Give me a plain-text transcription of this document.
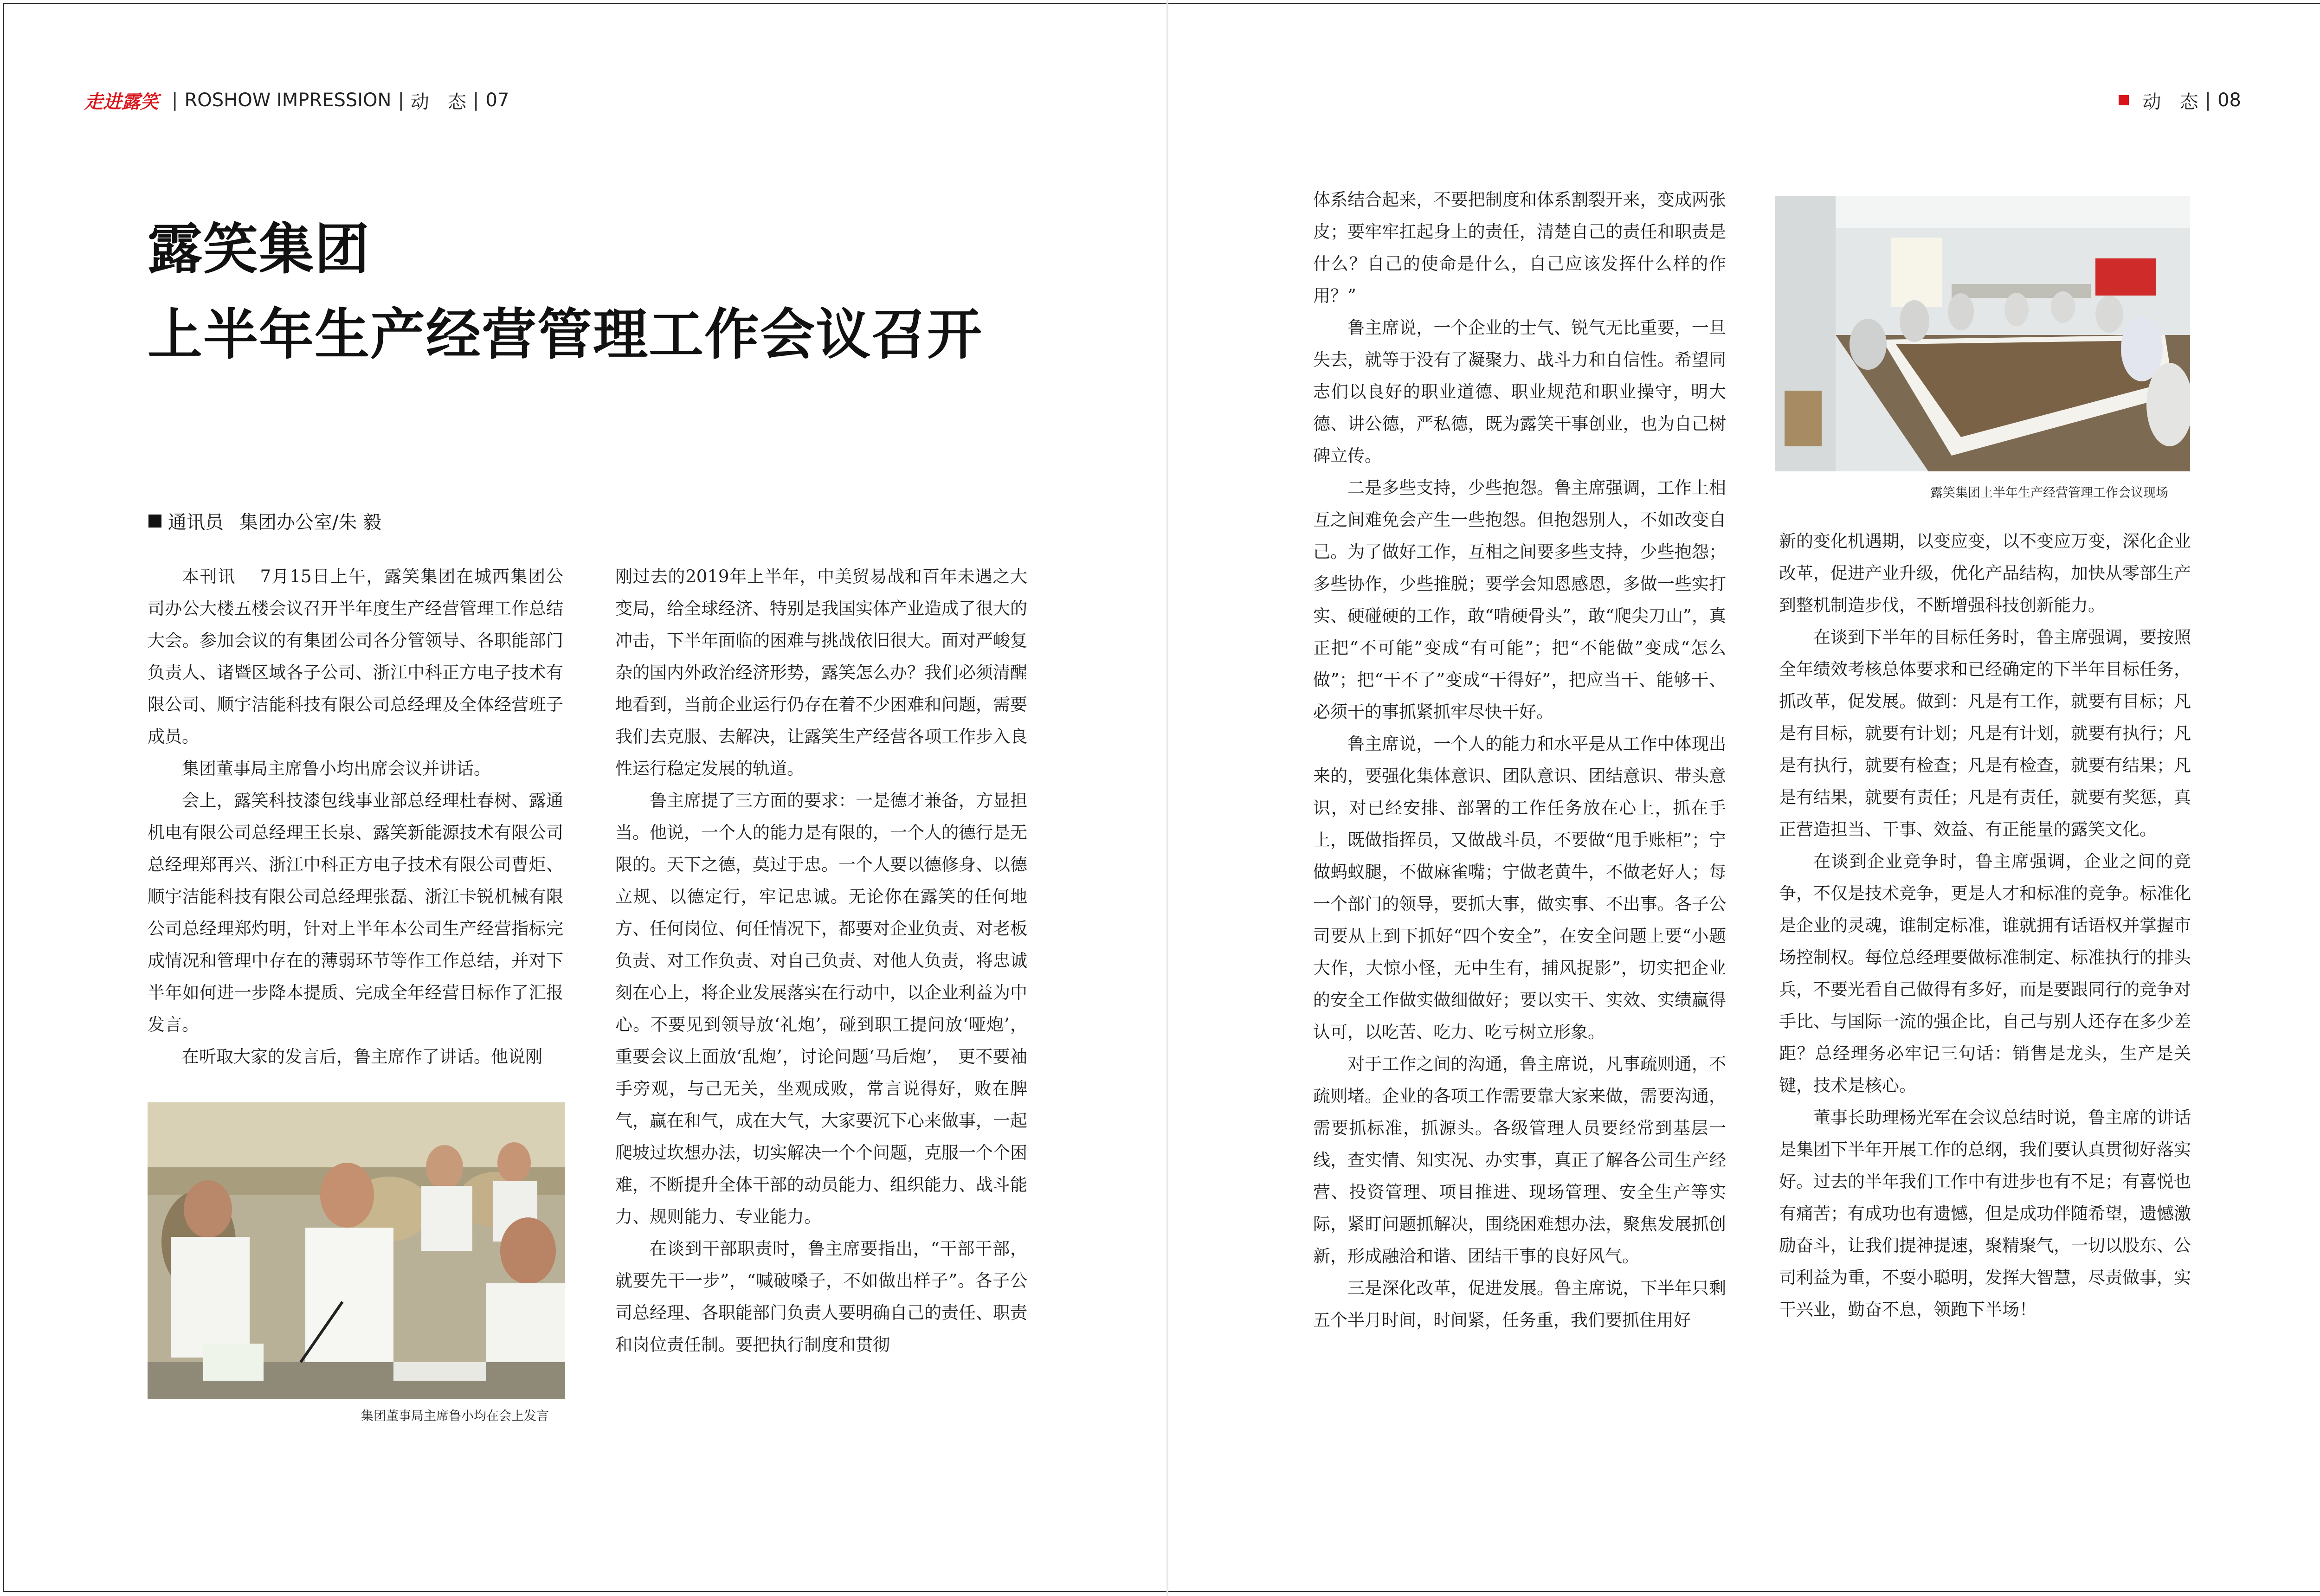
走进露笑 | ROSHOW IMPRESSION | 动　态 | 07	动　态 | 08
露笑集团
上半年生产经营管理工作会议召开
通讯员 集团办公室/朱 毅

本刊讯　 7月15日上午，露笑集团在城西集团公司办公大楼五楼会议召开半年度生产经营管理工作总结大会。参加会议的有集团公司各分管领导、各职能部门负责人、诸暨区域各子公司、浙江中科正方电子技术有限公司、顺宇洁能科技有限公司总经理及全体经营班子成员。

集团董事局主席鲁小均出席会议并讲话。

会上，露笑科技漆包线事业部总经理杜春树、露通机电有限公司总经理王长泉、露笑新能源技术有限公司总经理郑再兴、浙江中科正方电子技术有限公司曹炬、顺宇洁能科技有限公司总经理张磊、浙江卡锐机械有限公司总经理郑灼明，针对上半年本公司生产经营指标完成情况和管理中存在的薄弱环节等作工作总结，并对下半年如何进一步降本提质、完成全年经营目标作了汇报发言。

在听取大家的发言后，鲁主席作了讲话。他说刚

集团董事局主席鲁小均在会上发言

刚过去的2019年上半年，中美贸易战和百年未遇之大变局，给全球经济、特别是我国实体产业造成了很大的冲击，下半年面临的困难与挑战依旧很大。面对严峻复杂的国内外政治经济形势，露笑怎么办？我们必须清醒地看到，当前企业运行仍存在着不少困难和问题，需要我们去克服、去解决，让露笑生产经营各项工作步入良性运行稳定发展的轨道。

鲁主席提了三方面的要求：一是德才兼备，方显担当。他说，一个人的能力是有限的，一个人的德行是无限的。天下之德，莫过于忠。一个人要以德修身、以德立规、以德定行，牢记忠诚。无论你在露笑的任何地方、任何岗位、何任情况下，都要对企业负责、对老板负责、对工作负责、对自己负责、对他人负责，将忠诚刻在心上，将企业发展落实在行动中，以企业利益为中心。不要见到领导放‘礼炮’，碰到职工提问放‘哑炮’，重要会议上面放‘乱炮’，讨论问题‘马后炮’，　更不要袖手旁观，与己无关，坐观成败，常言说得好，败在脾气，赢在和气，成在大气，大家要沉下心来做事，一起爬坡过坎想办法，切实解决一个个问题，克服一个个困难，不断提升全体干部的动员能力、组织能力、战斗能力、规则能力、专业能力。

在谈到干部职责时，鲁主席要指出，“干部干部，就要先干一步”，“喊破嗓子，不如做出样子”。各子公司总经理、各职能部门负责人要明确自己的责任、职责和岗位责任制。要把执行制度和贯彻

体系结合起来，不要把制度和体系割裂开来，变成两张皮；要牢牢扛起身上的责任，清楚自己的责任和职责是什么？自己的使命是什么，自己应该发挥什么样的作用？”

鲁主席说，一个企业的士气、锐气无比重要，一旦失去，就等于没有了凝聚力、战斗力和自信性。希望同志们以良好的职业道德、职业规范和职业操守，明大德、讲公德，严私德，既为露笑干事创业，也为自己树碑立传。

二是多些支持，少些抱怨。鲁主席强调，工作上相互之间难免会产生一些抱怨。但抱怨别人，不如改变自己。为了做好工作，互相之间要多些支持，少些抱怨；多些协作，少些推脱；要学会知恩感恩，多做一些实打实、硬碰硬的工作，敢“啃硬骨头”，敢“爬尖刀山”，真正把“不可能”变成“有可能”；把“不能做”变成“怎么做”；把“干不了”变成“干得好”，把应当干、能够干、必须干的事抓紧抓牢尽快干好。

鲁主席说，一个人的能力和水平是从工作中体现出来的，要强化集体意识、团队意识、团结意识、带头意识，对已经安排、部署的工作任务放在心上，抓在手上，既做指挥员，又做战斗员，不要做“甩手账柜”；宁做蚂蚁腿，不做麻雀嘴；宁做老黄牛，不做老好人；每一个部门的领导，要抓大事，做实事、不出事。各子公司要从上到下抓好“四个安全”，在安全问题上要“小题大作，大惊小怪，无中生有，捕风捉影”，切实把企业的安全工作做实做细做好；要以实干、实效、实绩赢得认可，以吃苦、吃力、吃亏树立形象。

对于工作之间的沟通，鲁主席说，凡事疏则通，不疏则堵。企业的各项工作需要靠大家来做，需要沟通，需要抓标准，抓源头。各级管理人员要经常到基层一线，查实情、知实况、办实事，真正了解各公司生产经营、投资管理、项目推进、现场管理、安全生产等实际，紧盯问题抓解决，围绕困难想办法，聚焦发展抓创新，形成融洽和谐、团结干事的良好风气。

三是深化改革，促进发展。鲁主席说，下半年只剩五个半月时间，时间紧，任务重，我们要抓住用好

露笑集团上半年生产经营管理工作会议现场

新的变化机遇期，以变应变，以不变应万变，深化企业改革，促进产业升级，优化产品结构，加快从零部生产到整机制造步伐，不断增强科技创新能力。

在谈到下半年的目标任务时，鲁主席强调，要按照全年绩效考核总体要求和已经确定的下半年目标任务，抓改革，促发展。做到：凡是有工作，就要有目标；凡是有目标，就要有计划；凡是有计划，就要有执行；凡是有执行，就要有检查；凡是有检查，就要有结果；凡是有结果，就要有责任；凡是有责任，就要有奖惩，真正营造担当、干事、效益、有正能量的露笑文化。

在谈到企业竞争时，鲁主席强调，企业之间的竞争，不仅是技术竞争，更是人才和标准的竞争。标准化是企业的灵魂，谁制定标准，谁就拥有话语权并掌握市场控制权。每位总经理要做标准制定、标准执行的排头兵，不要光看自己做得有多好，而是要跟同行的竞争对手比、与国际一流的强企比，自己与别人还存在多少差距？总经理务必牢记三句话：销售是龙头，生产是关键，技术是核心。

董事长助理杨光军在会议总结时说，鲁主席的讲话是集团下半年开展工作的总纲，我们要认真贯彻好落实好。过去的半年我们工作中有进步也有不足；有喜悦也有痛苦；有成功也有遗憾，但是成功伴随希望，遗憾激励奋斗，让我们提神提速，聚精聚气，一切以股东、公司利益为重，不耍小聪明，发挥大智慧，尽责做事，实干兴业，勤奋不息，领跑下半场！
